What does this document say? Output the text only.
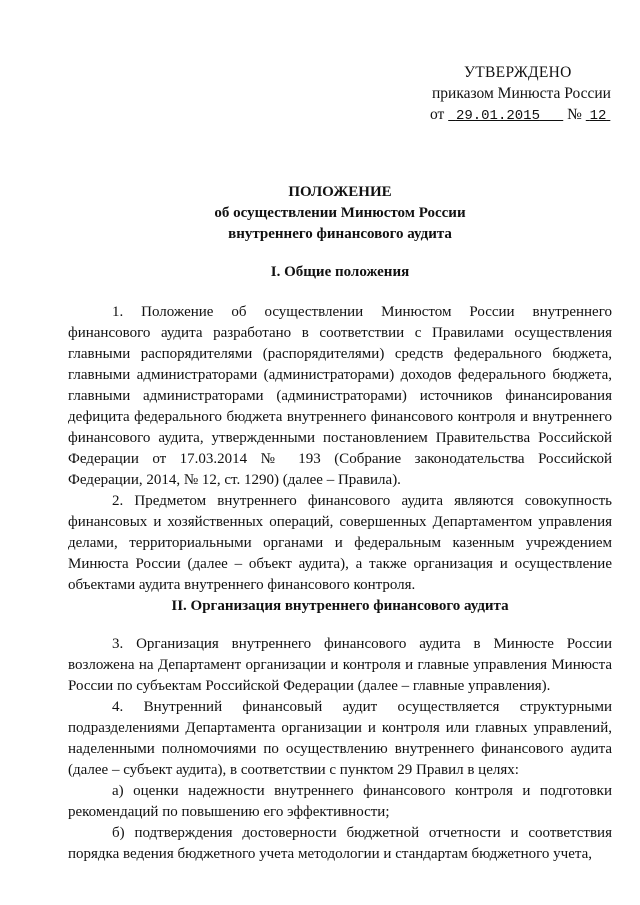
УТВЕРЖДЕНО
приказом Минюста России
от 29.01.2015 № 12
ПОЛОЖЕНИЕ
об осуществлении Минюстом России
внутреннего финансового аудита
I. Общие положения

1. Положение об осуществлении Минюстом России внутреннего финансового аудита разработано в соответствии с Правилами осуществления главными распорядителями (распорядителями) средств федерального бюджета, главными администраторами (администраторами) доходов федерального бюджета, главными администраторами (администраторами) источников финансирования дефицита федерального бюджета внутреннего финансового контроля и внутреннего финансового аудита, утвержденными постановлением Правительства Российской Федерации от 17.03.2014 № 193 (Собрание законодательства Российской Федерации, 2014, № 12, ст. 1290) (далее – Правила).

2. Предметом внутреннего финансового аудита являются совокупность финансовых и хозяйственных операций, совершенных Департаментом управления делами, территориальными органами и федеральным казенным учреждением Минюста России (далее – объект аудита), а также организация и осуществление объектами аудита внутреннего финансового контроля.

II. Организация внутреннего финансового аудита

3. Организация внутреннего финансового аудита в Минюсте России возложена на Департамент организации и контроля и главные управления Минюста России по субъектам Российской Федерации (далее – главные управления).

4. Внутренний финансовый аудит осуществляется структурными подразделениями Департамента организации и контроля или главных управлений, наделенными полномочиями по осуществлению внутреннего финансового аудита (далее – субъект аудита), в соответствии с пунктом 29 Правил в целях:

а) оценки надежности внутреннего финансового контроля и подготовки рекомендаций по повышению его эффективности;

б) подтверждения достоверности бюджетной отчетности и соответствия порядка ведения бюджетного учета методологии и стандартам бюджетного учета,
